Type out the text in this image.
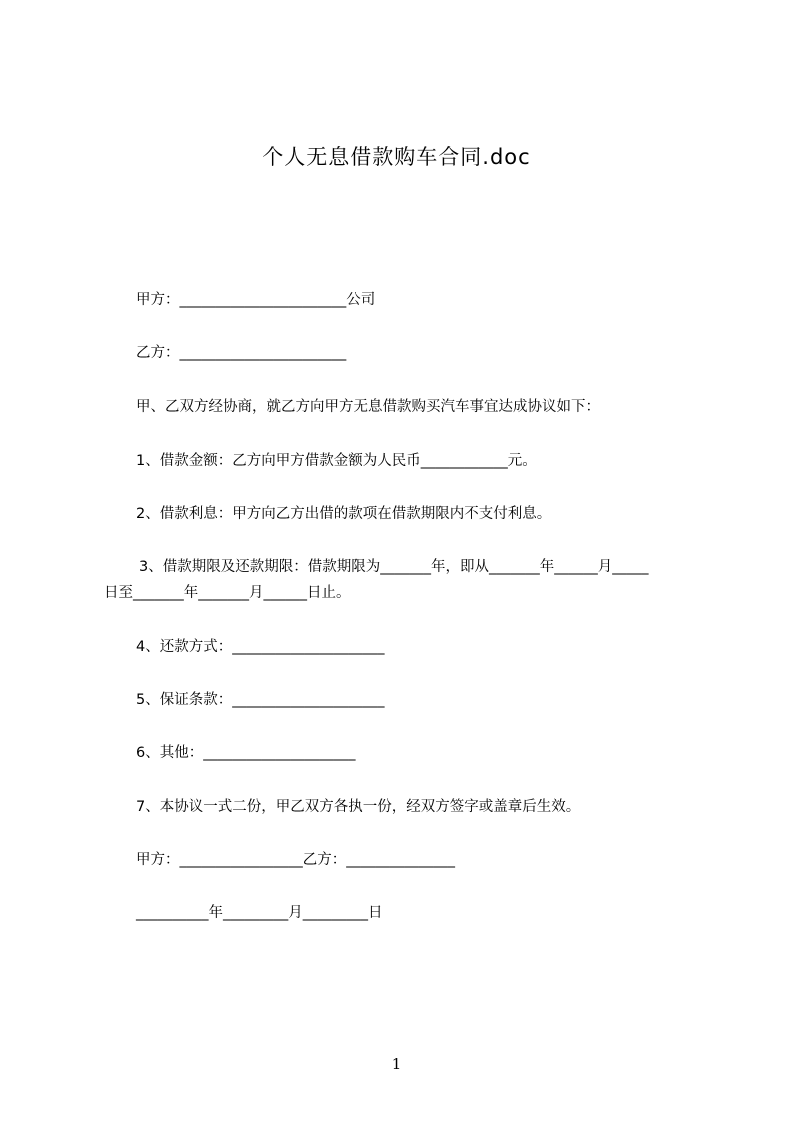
个人无息借款购车合同.doc
甲方：_______________________公司
乙方：_______________________
甲、乙双方经协商，就乙方向甲方无息借款购买汽车事宜达成协议如下：
1、借款金额：乙方向甲方借款金额为人民币____________元。
2、借款利息：甲方向乙方出借的款项在借款期限内不支付利息。
3、借款期限及还款期限：借款期限为_______年，即从_______年______月_____
日至_______年_______月______日止。
4、还款方式：_____________________
5、保证条款：_____________________
6、其他：_____________________
7、本协议一式二份，甲乙双方各执一份，经双方签字或盖章后生效。
甲方：_________________乙方：_______________
__________年_________月_________日
1
